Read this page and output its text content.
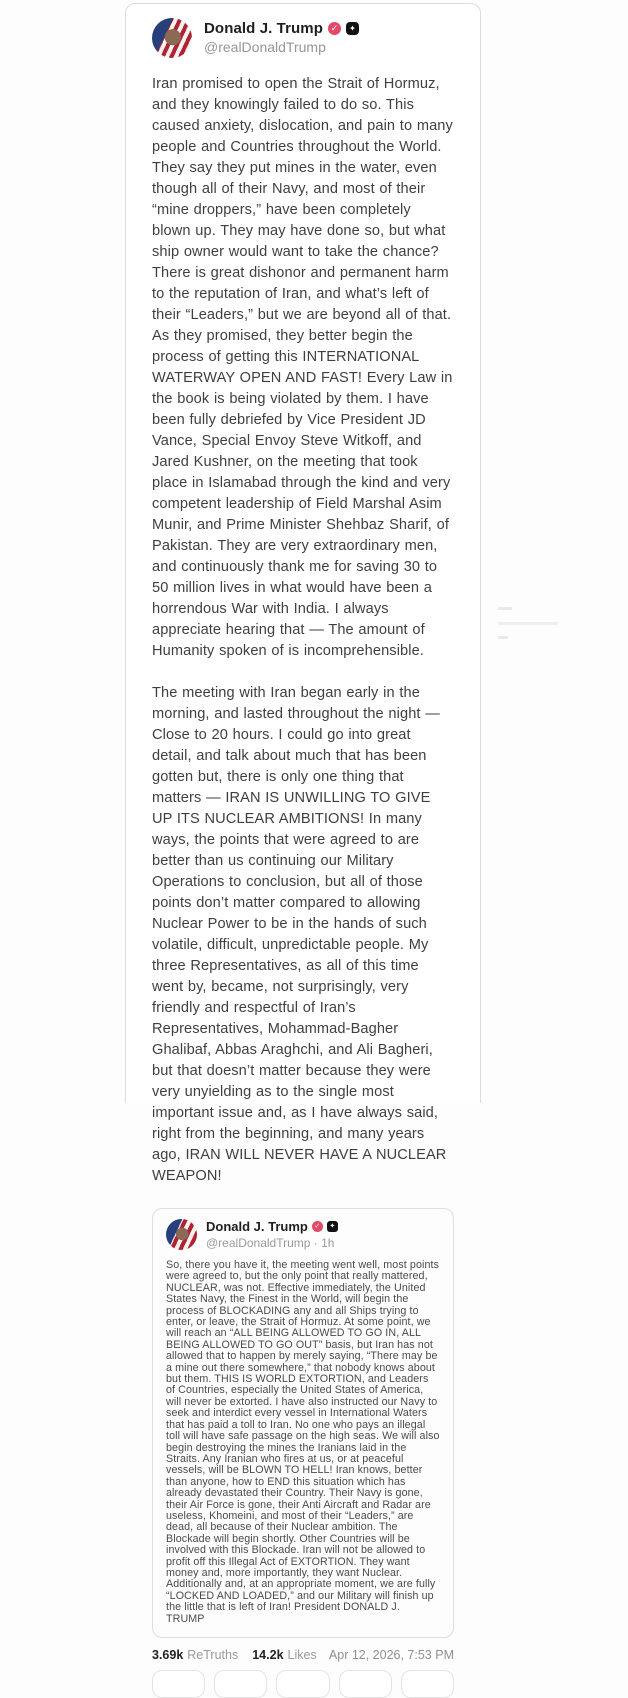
Donald J. Trump ✓	✦
@realDonaldTrump

Iran promised to open the Strait of Hormuz, and they knowingly failed to do so. This caused anxiety, dislocation, and pain to many people and Countries throughout the World. They say they put mines in the water, even though all of their Navy, and most of their “mine droppers,” have been completely blown up. They may have done so, but what ship owner would want to take the chance? There is great dishonor and permanent harm to the reputation of Iran, and what’s left of their “Leaders,” but we are beyond all of that. As they promised, they better begin the process of getting this INTERNATIONAL WATERWAY OPEN AND FAST! Every Law in the book is being violated by them. I have been fully debriefed by Vice President JD Vance, Special Envoy Steve Witkoff, and Jared Kushner, on the meeting that took place in Islamabad through the kind and very competent leadership of Field Marshal Asim Munir, and Prime Minister Shehbaz Sharif, of Pakistan. They are very extraordinary men, and continuously thank me for saving 30 to 50 million lives in what would have been a horrendous War with India. I always appreciate hearing that — The amount of Humanity spoken of is incomprehensible.

The meeting with Iran began early in the morning, and lasted throughout the night — Close to 20 hours. I could go into great detail, and talk about much that has been gotten but, there is only one thing that matters — IRAN IS UNWILLING TO GIVE UP ITS NUCLEAR AMBITIONS! In many ways, the points that were agreed to are better than us continuing our Military Operations to conclusion, but all of those points don’t matter compared to allowing Nuclear Power to be in the hands of such volatile, difficult, unpredictable people. My three Representatives, as all of this time went by, became, not surprisingly, very friendly and respectful of Iran’s Representatives, Mohammad-Bagher Ghalibaf, Abbas Araghchi, and Ali Bagheri, but that doesn’t matter because they were very unyielding as to the single most important issue and, as I have always said, right from the beginning, and many years ago, IRAN WILL NEVER HAVE A NUCLEAR WEAPON!

Donald J. Trump ✓	✦
@realDonaldTrump · 1h

So, there you have it, the meeting went well, most points were agreed to, but the only point that really mattered, NUCLEAR, was not. Effective immediately, the United States Navy, the Finest in the World, will begin the process of BLOCKADING any and all Ships trying to enter, or leave, the Strait of Hormuz. At some point, we will reach an “ALL BEING ALLOWED TO GO IN, ALL BEING ALLOWED TO GO OUT” basis, but Iran has not allowed that to happen by merely saying, “There may be a mine out there somewhere,” that nobody knows about but them. THIS IS WORLD EXTORTION, and Leaders of Countries, especially the United States of America, will never be extorted. I have also instructed our Navy to seek and interdict every vessel in International Waters that has paid a toll to Iran. No one who pays an illegal toll will have safe passage on the high seas. We will also begin destroying the mines the Iranians laid in the Straits. Any Iranian who fires at us, or at peaceful vessels, will be BLOWN TO HELL! Iran knows, better than anyone, how to END this situation which has already devastated their Country. Their Navy is gone, their Air Force is gone, their Anti Aircraft and Radar are useless, Khomeini, and most of their “Leaders,” are dead, all because of their Nuclear ambition. The Blockade will begin shortly. Other Countries will be involved with this Blockade. Iran will not be allowed to profit off this Illegal Act of EXTORTION. They want money and, more importantly, they want Nuclear. Additionally and, at an appropriate moment, we are fully “LOCKED AND LOADED,” and our Military will finish up the little that is left of Iran! President DONALD J. TRUMP

3.69k ReTruths 14.2k Likes Apr 12, 2026, 7:53 PM
